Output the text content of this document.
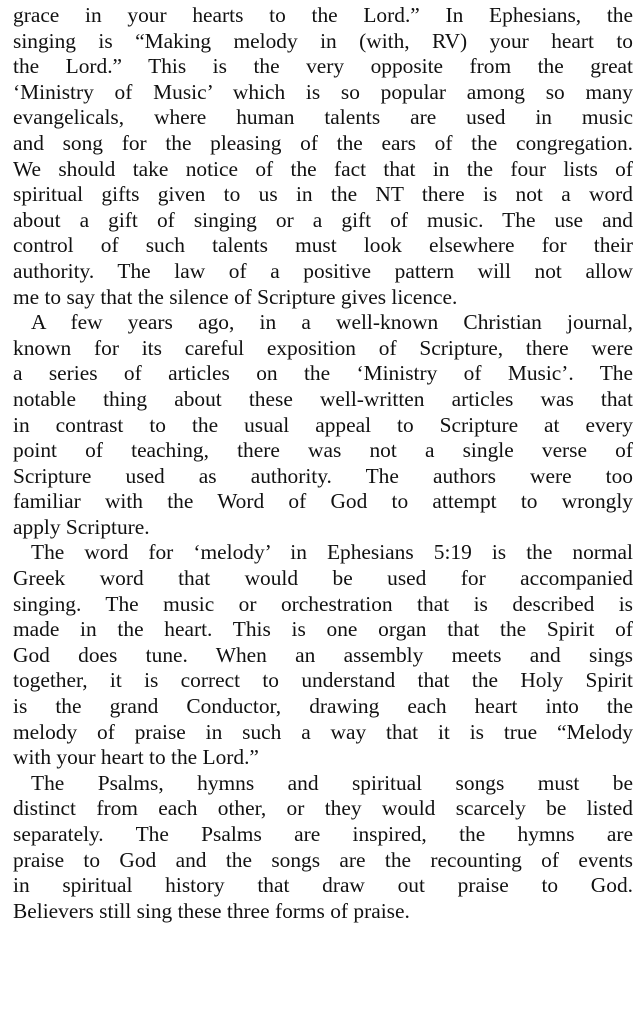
grace in your hearts to the Lord.” In Ephesians, the
singing is “Making melody in (with, RV) your heart to
the Lord.” This is the very opposite from the great
‘Ministry of Music’ which is so popular among so many
evangelicals, where human talents are used in music
and song for the pleasing of the ears of the congregation.
We should take notice of the fact that in the four lists of
spiritual gifts given to us in the NT there is not a word
about a gift of singing or a gift of music. The use and
control of such talents must look elsewhere for their
authority. The law of a positive pattern will not allow
me to say that the silence of Scripture gives licence.
A few years ago, in a well-known Christian journal,
known for its careful exposition of Scripture, there were
a series of articles on the ‘Ministry of Music’. The
notable thing about these well-written articles was that
in contrast to the usual appeal to Scripture at every
point of teaching, there was not a single verse of
Scripture used as authority. The authors were too
familiar with the Word of God to attempt to wrongly
apply Scripture.
The word for ‘melody’ in Ephesians 5:19 is the normal
Greek word that would be used for accompanied
singing. The music or orchestration that is described is
made in the heart. This is one organ that the Spirit of
God does tune. When an assembly meets and sings
together, it is correct to understand that the Holy Spirit
is the grand Conductor, drawing each heart into the
melody of praise in such a way that it is true “Melody
with your heart to the Lord.”
The Psalms, hymns and spiritual songs must be
distinct from each other, or they would scarcely be listed
separately. The Psalms are inspired, the hymns are
praise to God and the songs are the recounting of events
in spiritual history that draw out praise to God.
Believers still sing these three forms of praise.
